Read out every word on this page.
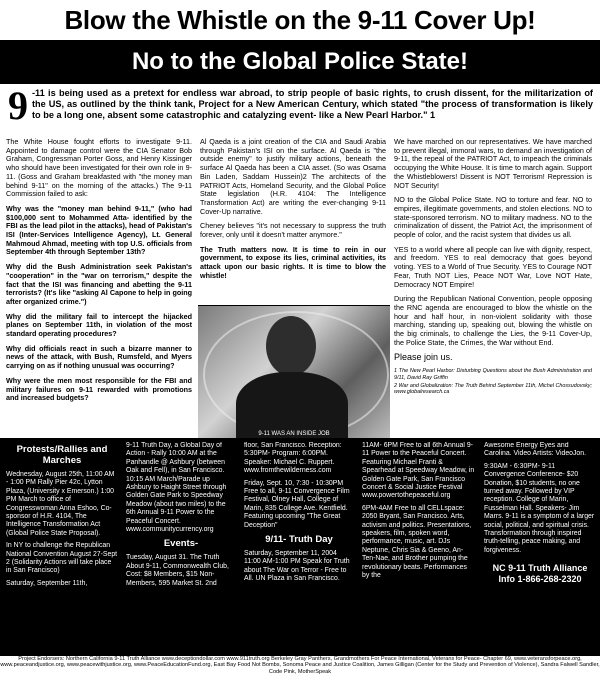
Blow the Whistle on the 9-11 Cover Up!
No to the Global Police State!
9 -11 is being used as a pretext for endless war abroad, to strip people of basic rights, to crush dissent, for the militarization of the US, as outlined by the think tank, Project for a New American Century, which stated "the process of transformation is likely to be a long one, absent some catastrophic and catalyzing event- like a New Pearl Harbor." 1

The White House fought efforts to investigate 9-11. Appointed to damage control were the CIA Senator Bob Graham, Congressman Porter Goss, and Henry Kissinger who should have been investigated for their own role in 9-11. (Goss and Graham breakfasted with "the money man behind 9-11" on the morning of the attacks.) The 9-11 Commission failed to ask:

Why was the "money man behind 9-11," (who had $100,000 sent to Mohammed Atta- identified by the FBI as the lead pilot in the attacks), head of Pakistan's ISI (Inter-Services Intelligence Agency), Lt. General Mahmoud Ahmad, meeting with top U.S. officials from September 4th through September 13th?

Why did the Bush Administration seek Pakistan's "cooperation" in the "war on terrorism," despite the fact that the ISI was financing and abetting the 9-11 terrorists? (It's like "asking Al Capone to help in going after organized crime.")

Why did the military fail to intercept the hijacked planes on September 11th, in violation of the most standard operating procedures?

Why did officials react in such a bizarre manner to news of the attack, with Bush, Rumsfeld, and Myers carrying on as if nothing unusual was occurring?

Why were the men most responsible for the FBI and military failures on 9-11 rewarded with promotions and increased budgets?

Al Qaeda is a joint creation of the CIA and Saudi Arabia through Pakistan's ISI on the surface. Al Qaeda is "the outside enemy" to justify military actions, beneath the surface Al Qaeda has been a CIA asset. (So was Osama Bin Laden, Saddam Hussein)2 The architects of the PATRIOT Acts, Homeland Security, and the Global Police State legislation (H.R. 4104: The Intelligence Transformation Act) are writing the ever-changing 9-11 Cover-Up narrative.

Cheney believes "it's not necessary to suppress the truth forever, only until it doesn't matter anymore."

The Truth matters now. It is time to rein in our government, to expose its lies, criminal activities, its attack upon our basic rights. It is time to blow the whistle!

9-11 WAS AN INSIDE JOB

We have marched on our representatives. We have marched to prevent illegal, immoral wars, to demand an investigation of 9-11, the repeal of the PATRIOT Act, to impeach the criminals occupying the White House. It is time to march again. Support the Whistleblowers! Dissent is NOT Terrorism! Repression is NOT Security!

NO to the Global Police State. NO to torture and fear. NO to empires, illegitimate governments, and stolen elections. NO to state-sponsored terrorism. NO to military madness. NO to the criminalization of dissent, the Patriot Act, the imprisonment of people of color, and the racist system that divides us all.

YES to a world where all people can live with dignity, respect, and freedom. YES to real democracy that goes beyond voting. YES to a World of True Security. YES to Courage NOT Fear, Truth NOT Lies, Peace NOT War, Love NOT Hate, Democracy NOT Empire!

During the Republican National Convention, people opposing the RNC agenda are encouraged to blow the whistle on the hour and half hour, in non-violent solidarity with those marching, standing up, speaking out, blowing the whistle on the big criminals, to challenge the Lies, the 9-11 Cover-Up, the Police State, the Crimes, the War without End.

Please join us.

1 The New Pearl Harbor: Disturbing Questions about the Bush Administration and 9/11, David Ray Griffin

2 War and Globalization: The Truth Behind September 11th, Michel Chossudovsky; www.globalresearch.ca

Protests/Rallies and Marches

Wednesday, August 25th, 11:00 AM - 1:00 PM Rally Pier 42c, Lytton Plaza, (University x Emerson.) 1:00 PM March to office of Congresswoman Anna Eshoo, Co-sponsor of H.R. 4104, The Intelligence Transformation Act (Global Police State Proposal).

In NY to challenge the Republican National Convention August 27-Sept 2 (Solidarity Actions will take place in San Francisco)

Saturday, September 11th,

9-11 Truth Day, a Global Day of Action - Rally 10:00 AM at the Panhandle @ Ashbury (between Oak and Fell), in San Francisco. 10:15 AM March/Parade up Ashbury to Haight Street through Golden Gate Park to Speedway Meadow (about two miles) to the 6th Annual 9-11 Power to the Peaceful Concert. www.communitycurrency.org

Events-

Tuesday, August 31. The Truth About 9-11, Commonwealth Club, Cost: $8 Members, $15 Non-Members, 595 Market St. 2nd

floor, San Francisco. Reception: 5:30PM- Program: 6:00PM. Speaker: Michael C. Ruppert. www.fromthewilderness.com

Friday, Sept. 10, 7:30 - 10:30PM Free to all, 9-11 Convergence Film Festival, Olney Hall, College of Marin, 835 College Ave. Kentfield. Featuring upcoming "The Great Deception"

9/11- Truth Day

Saturday, September 11, 2004 11:00 AM-1:00 PM Speak for Truth about The War on Terror - Free to All. UN Plaza in San Francisco.

11AM- 6PM Free to all 6th Annual 9-11 Power to the Peaceful Concert. Featuring Michael Franti & Spearhead at Speedway Meadow, in Golden Gate Park, San Francisco Concert & Social Justice Festival www.powertothepeaceful.org

6PM-4AM Free to all CELLspace: 2050 Bryant, San Francisco. Arts, activism and politics. Presentations, speakers, film, spoken word, performance, music, art. DJs Neptune, Chris Sia & Geeno, An-Ten-Nae, and Brother pumping the revolutionary beats. Performances by the

Awesome Energy Eyes and Carolina. Video Artists: VideoJon.

9:30AM - 6:30PM- 9-11 Convergence Conference- $20 Donation, $10 students, no one turned away. Followed by VIP reception. College of Marin, Fusselman Hall. Speakers- Jim Marrs. 9-11 is a symptom of a larger social, political, and spiritual crisis. Transformation through inspired truth-telling, peace making, and forgiveness.

NC 9-11 Truth Alliance
Info 1-866-268-2320
Project Endorsers: Northern California 9-11 Truth Alliance www.deceptiondollar.com www.911truth.org Berkeley Gray Panthers, Grandmothers For Peace International, Veterans for Peace- Chapter 69, www.veteransforpeace.org, www.peaceandjustice.org, www.peacewithjustice.org, www.PeaceEducationFund.org, East Bay Food Not Bombs, Sonoma Peace and Justice Coalition, James Gilligan (Center for the Study and Prevention of Violence), Sandra Falwell Sandler, Code Pink, MotherSpeak
